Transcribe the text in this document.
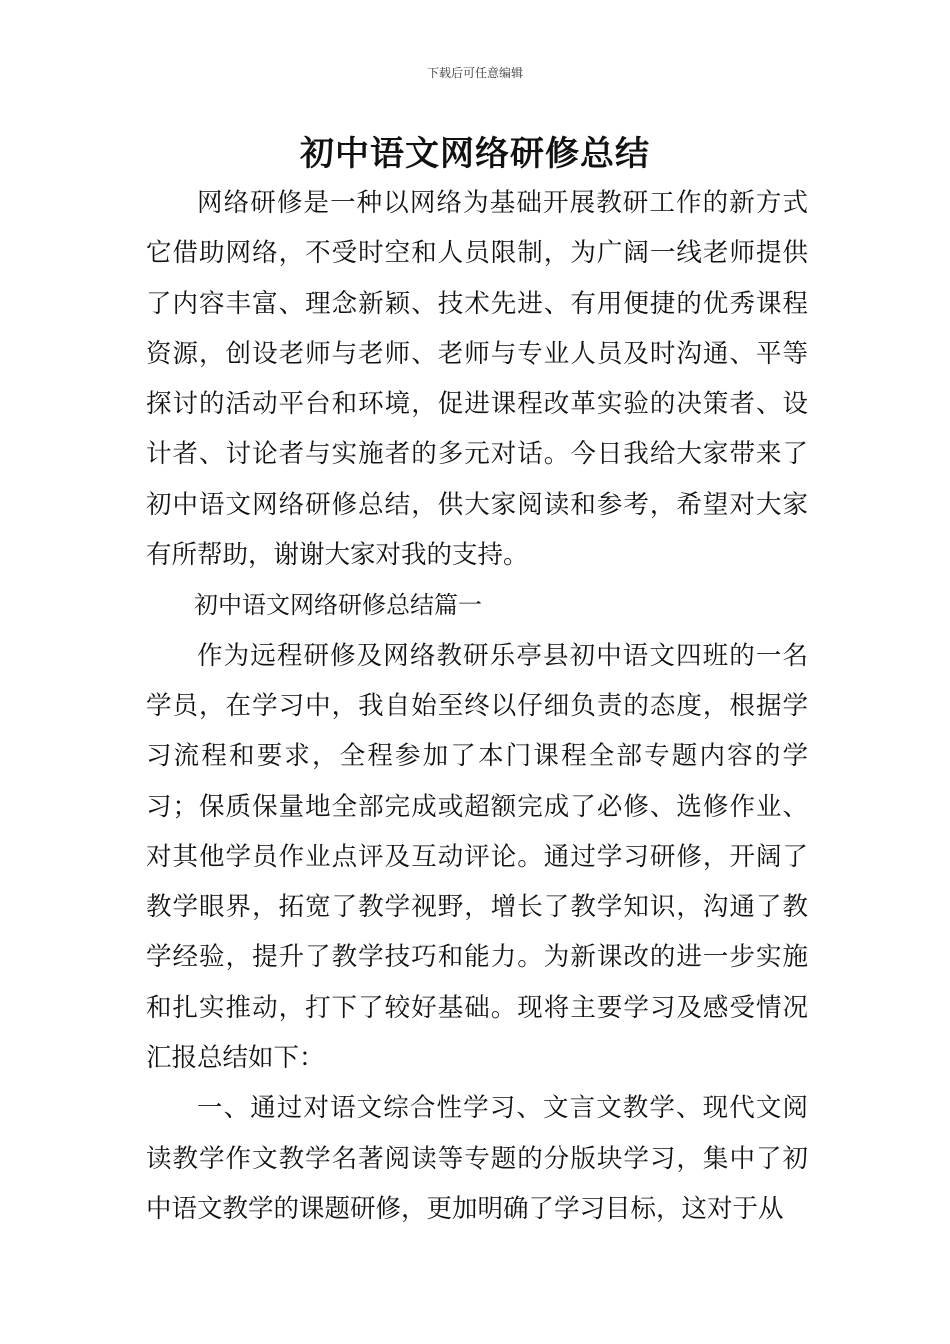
下载后可任意编辑
初中语文网络研修总结

网络研修是一种以网络为基础开展教研工作的新方式它借助网络，不受时空和人员限制，为广阔一线老师提供了内容丰富、理念新颖、技术先进、有用便捷的优秀课程资源，创设老师与老师、老师与专业人员及时沟通、平等探讨的活动平台和环境，促进课程改革实验的决策者、设计者、讨论者与实施者的多元对话。今日我给大家带来了初中语文网络研修总结，供大家阅读和参考，希望对大家有所帮助，谢谢大家对我的支持。

初中语文网络研修总结篇一

作为远程研修及网络教研乐亭县初中语文四班的一名学员，在学习中，我自始至终以仔细负责的态度，根据学习流程和要求，全程参加了本门课程全部专题内容的学习；保质保量地全部完成或超额完成了必修、选修作业、对其他学员作业点评及互动评论。通过学习研修，开阔了教学眼界，拓宽了教学视野，增长了教学知识，沟通了教学经验，提升了教学技巧和能力。为新课改的进一步实施和扎实推动，打下了较好基础。现将主要学习及感受情况汇报总结如下：

一、通过对语文综合性学习、文言文教学、现代文阅读教学作文教学名著阅读等专题的分版块学习，集中了初中语文教学的课题研修，更加明确了学习目标，这对于从
